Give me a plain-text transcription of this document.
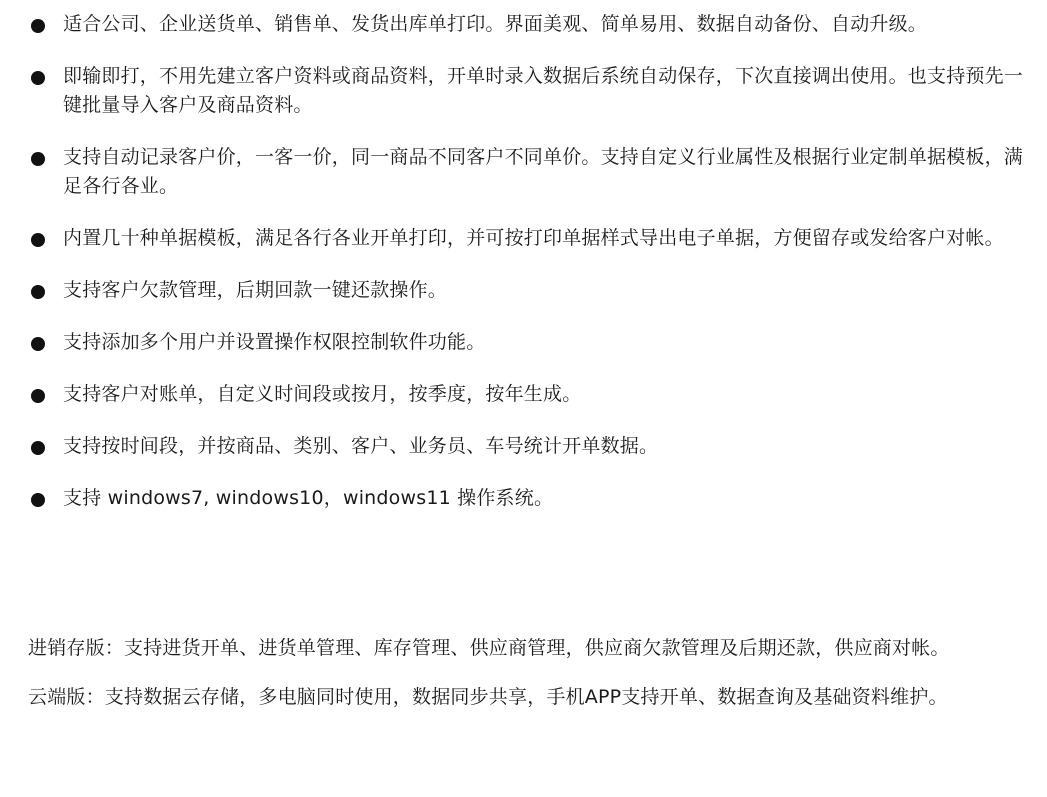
适合公司、企业送货单、销售单、发货出库单打印。界面美观、简单易用、数据自动备份、自动升级。
即输即打，不用先建立客户资料或商品资料，开单时录入数据后系统自动保存，下次直接调出使用。也支持预先一键批量导入客户及商品资料。
支持自动记录客户价，一客一价，同一商品不同客户不同单价。支持自定义行业属性及根据行业定制单据模板，满足各行各业。
内置几十种单据模板，满足各行各业开单打印，并可按打印单据样式导出电子单据，方便留存或发给客户对帐。
支持客户欠款管理，后期回款一键还款操作。
支持添加多个用户并设置操作权限控制软件功能。
支持客户对账单，自定义时间段或按月，按季度，按年生成。
支持按时间段，并按商品、类别、客户、业务员、车号统计开单数据。
支持 windows7, windows10，windows11 操作系统。

进销存版：支持进货开单、进货单管理、库存管理、供应商管理，供应商欠款管理及后期还款，供应商对帐。

云端版：支持数据云存储，多电脑同时使用，数据同步共享，手机APP支持开单、数据查询及基础资料维护。
